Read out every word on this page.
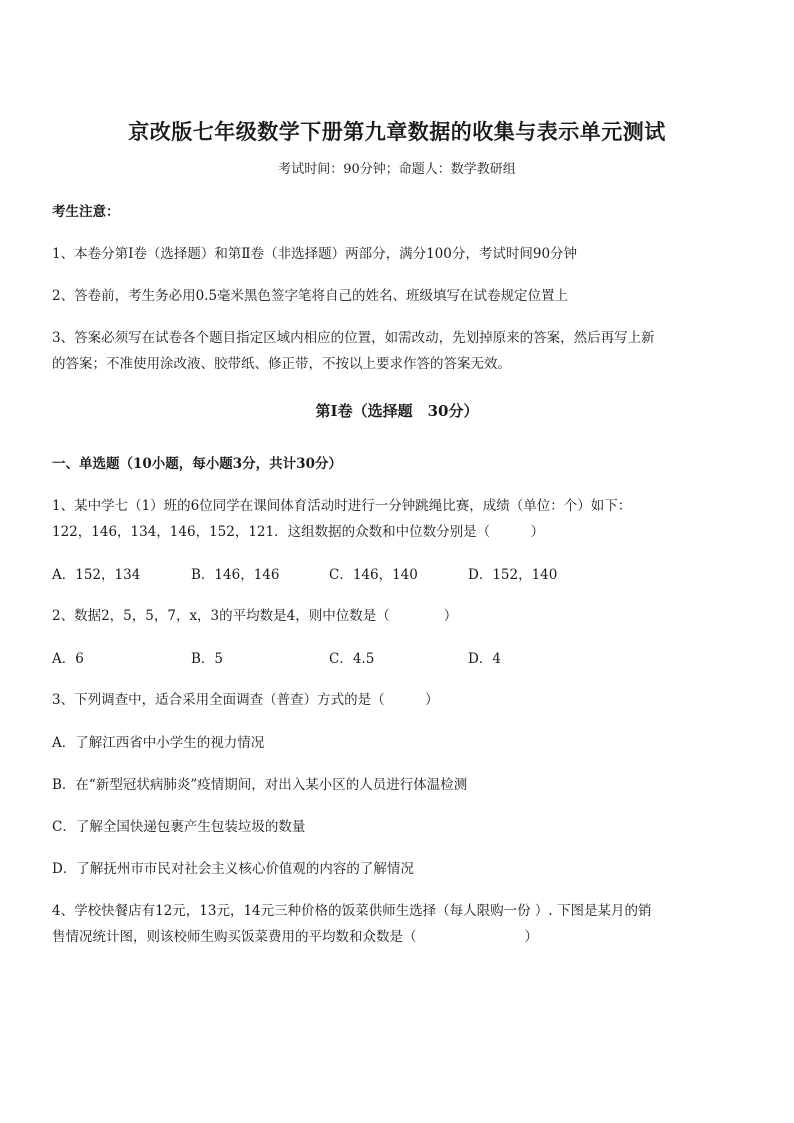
京改版七年级数学下册第九章数据的收集与表示单元测试
考试时间：90分钟；命题人：数学教研组
考生注意：
1、本卷分第Ⅰ卷（选择题）和第Ⅱ卷（非选择题）两部分，满分100分，考试时间90分钟
2、答卷前，考生务必用0.5毫米黑色签字笔将自己的姓名、班级填写在试卷规定位置上
3、答案必须写在试卷各个题目指定区域内相应的位置，如需改动，先划掉原来的答案，然后再写上新
的答案；不准使用涂改液、胶带纸、修正带，不按以上要求作答的答案无效。
第Ⅰ卷（选择题　30分）
一、单选题（10小题，每小题3分，共计30分）
1、某中学七（1）班的6位同学在课间体育活动时进行一分钟跳绳比赛，成绩（单位：个）如下：
122，146，134，146，152，121．这组数据的众数和中位数分别是（　　　）
A．152，134	B．146，146	C．146，140	D．152，140
2、数据2，5，5，7，x，3的平均数是4，则中位数是（　　　　）
A．6	B．5	C．4.5	D．4
3、下列调查中，适合采用全面调查（普查）方式的是（　　　）
A．了解江西省中小学生的视力情况
B．在“新型冠状病肺炎”疫情期间，对出入某小区的人员进行体温检测
C．了解全国快递包裹产生包装垃圾的数量
D．了解抚州市市民对社会主义核心价值观的内容的了解情况
4、学校快餐店有12元，13元，14元三种价格的饭菜供师生选择（每人限购一份 ）. 下图是某月的销
售情况统计图，则该校师生购买饭菜费用的平均数和众数是（　　　　　　　　）
